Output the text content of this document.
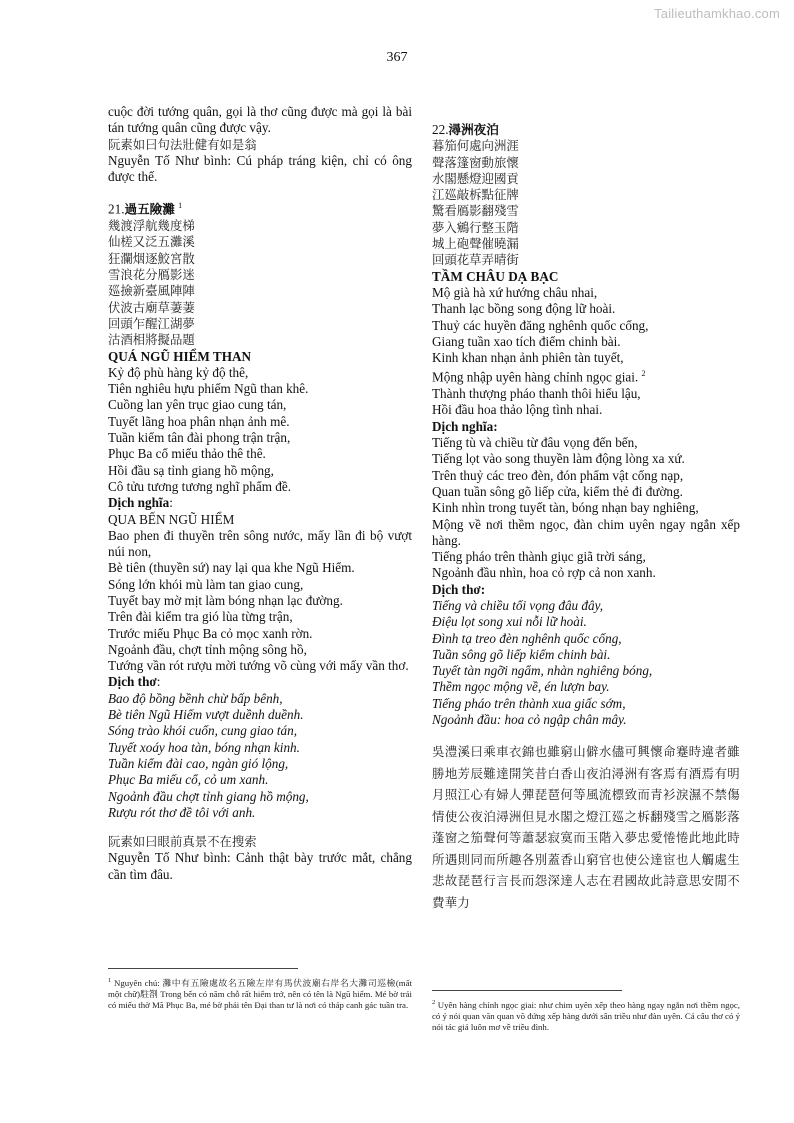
Tailieuthamkhao.com
367
cuộc đời tướng quân, gọi là thơ cũng được mà gọi là bài tán tướng quân cũng được vậy.
阮素如曰句法壯健有如是翁
Nguyễn Tố Như bình: Cú pháp tráng kiện, chỉ có ông được thế.
21.過五險灘 $^1$
幾渡浮航幾度梯
仙槎又泛五灘溪
狂瀾烟逐鮫宮散
雪浪花分鴈影迷
廵撿新臺風陣陣
伏波古廟草萋萋
回頭乍醒江湖夢
沽酒相將擬品題
QUÁ NGŨ HIỂM THAN
Kỷ độ phù hàng kỷ độ thê,
Tiên nghiêu hựu phiếm Ngũ than khê.
Cuồng lan yên trục giao cung tán,
Tuyết lãng hoa phân nhạn ảnh mê.
Tuần kiểm tân đài phong trận trận,
Phục Ba cổ miếu thảo thê thê.
Hồi đầu sạ tỉnh giang hồ mộng,
Cô tửu tương tương nghĩ phẩm đề.
Dịch nghĩa:
QUA BẾN NGŨ HIỂM
Bao phen đi thuyền trên sông nước, mấy lần đi bộ vượt núi non,
Bè tiên (thuyền sứ) nay lại qua khe Ngũ Hiểm.
Sóng lớn khói mù làm tan giao cung,
Tuyết bay mờ mịt làm bóng nhạn lạc đường.
Trên đài kiểm tra gió lùa từng trận,
Trước miếu Phục Ba cỏ mọc xanh rờn.
Ngoảnh đầu, chợt tỉnh mộng sông hồ,
Tướng vần rót rượu mời tướng võ cùng với mấy vần thơ.
Dịch thơ:
Bao độ bồng bềnh chừ bấp bênh,
Bè tiên Ngũ Hiểm vượt duềnh duềnh.
Sóng trào khói cuốn, cung giao tán,
Tuyết xoáy hoa tàn, bóng nhạn kinh.
Tuần kiểm đài cao, ngàn gió lộng,
Phục Ba miếu cổ, cỏ um xanh.
Ngoảnh đầu chợt tỉnh giang hồ mộng,
Rượu rót thơ đề tôi với anh.
阮素如曰眼前真景不在搜索
Nguyễn Tố Như bình: Cảnh thật bày trước mắt, chẳng cần tìm đâu.
22.潯洲夜泊
暮笳何處向洲涯
聲落篷窗動旅懷
水閣懸燈迎國貢
江廵敲柝點征牌
驚看鴈影翻殘雪
夢入鵷行整玉階
城上砲聲催曉漏
回頭花草弄晴街
TẦM CHÂU DẠ BẠC
Mộ già hà xứ hướng châu nhai,
Thanh lạc bồng song động lữ hoài.
Thuỷ các huyền đăng nghênh quốc cống,
Giang tuần xao tích điểm chinh bài.
Kinh khan nhạn ảnh phiên tàn tuyết,
Mộng nhập uyên hàng chỉnh ngọc giai. $^2$
Thành thượng pháo thanh thôi hiểu lậu,
Hồi đầu hoa thảo lộng tình nhai.
Dịch nghĩa:
Tiếng tù và chiều từ đâu vọng đến bến,
Tiếng lọt vào song thuyền làm động lòng xa xứ.
Trên thuỷ các treo đèn, đón phẩm vật cống nạp,
Quan tuần sông gõ liếp cửa, kiểm thẻ đi đường.
Kinh nhìn trong tuyết tàn, bóng nhạn bay nghiêng,
Mộng về nơi thềm ngọc, đàn chim uyên ngay ngắn xếp hàng.
Tiếng pháo trên thành giục giã trời sáng,
Ngoảnh đầu nhìn, hoa cỏ rợp cả non xanh.
Dịch thơ:
Tiếng và chiều tối vọng đâu đây,
Điệu lọt song xui nỗi lữ hoài.
Đình tạ treo đèn nghênh quốc cống,
Tuần sông gõ liếp kiểm chinh bài.
Tuyết tàn ngỡi ngẩm, nhàn nghiêng bóng,
Thềm ngọc mộng về, én lượn bay.
Tiếng pháo trên thành xua giấc sớm,
Ngoảnh đầu: hoa cỏ ngập chân mây.
吳澧溪曰乘車衣錦也雖窮山僻水儘可興懷命蹇時違者雖勝地芳辰難達開笑昔白香山夜泊潯洲有客焉有酒焉有明月照江心有婦人彈琵琶何等風流標致而青衫淚濕不禁傷情使公夜泊潯洲但見水閣之燈江廵之柝翻殘雪之鴈影落蓬窗之笳聲何等蕭瑟寂寞而玉階入夢忠愛惓惓此地此時所遇則同而所趣各別蓋香山窮官也使公達宦也人觸處生悲故琵琶行言長而怨深達人志在君國故此詩意思安閒不費華力
$^1$ Nguyên chú: 灘中有五險處故名五險左岸有馬伏波廟右岸名大灘司巡檢(mất một chữ)駐劄 Trong bến có năm chỗ rất hiểm trở, nên có tên là Ngũ hiểm. Mé bờ trái có miếu thờ Mã Phục Ba, mé bờ phải tên Đại than tư là nơi có tháp canh gác tuần tra.	$^2$ Uyên hàng chỉnh ngọc giai: như chim uyên xếp theo hàng ngay ngắn nơi thềm ngọc, có ý nói quan văn quan võ đứng xếp hàng dưới sân triều như đàn uyên. Cả câu thơ có ý nói tác giả luôn mơ về triều đình.
